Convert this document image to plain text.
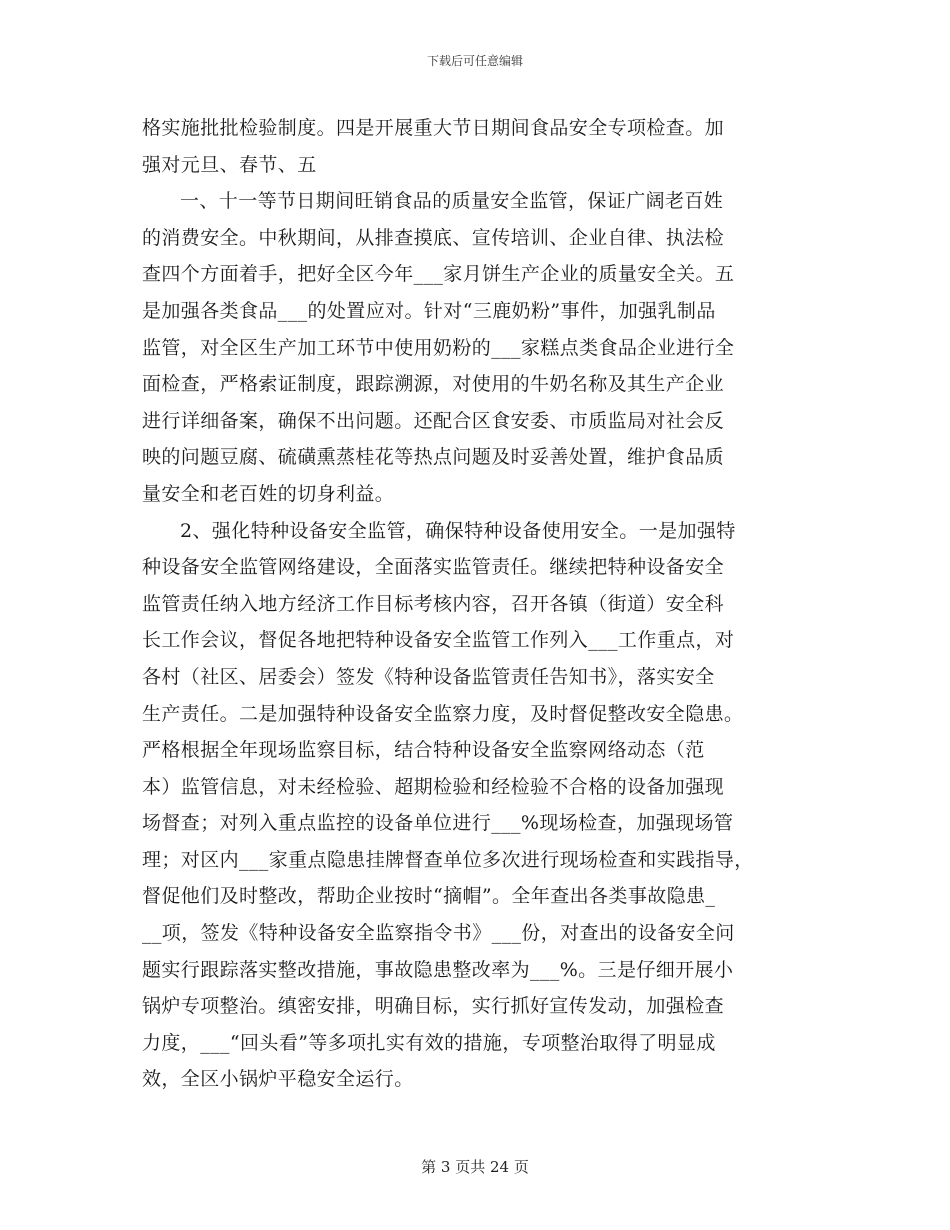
下载后可任意编辑
格实施批批检验制度。四是开展重大节日期间食品安全专项检查。加
强对元旦、春节、五
一、十一等节日期间旺销食品的质量安全监管，保证广阔老百姓
的消费安全。中秋期间，从排查摸底、宣传培训、企业自律、执法检
查四个方面着手，把好全区今年___家月饼生产企业的质量安全关。五
是加强各类食品___的处置应对。针对“三鹿奶粉”事件，加强乳制品
监管，对全区生产加工环节中使用奶粉的___家糕点类食品企业进行全
面检查，严格索证制度，跟踪溯源，对使用的牛奶名称及其生产企业
进行详细备案，确保不出问题。还配合区食安委、市质监局对社会反
映的问题豆腐、硫磺熏蒸桂花等热点问题及时妥善处置，维护食品质
量安全和老百姓的切身利益。
2、强化特种设备安全监管，确保特种设备使用安全。一是加强特
种设备安全监管网络建设，全面落实监管责任。继续把特种设备安全
监管责任纳入地方经济工作目标考核内容，召开各镇（街道）安全科
长工作会议，督促各地把特种设备安全监管工作列入___工作重点，对
各村（社区、居委会）签发《特种设备监管责任告知书》，落实安全
生产责任。二是加强特种设备安全监察力度，及时督促整改安全隐患。
严格根据全年现场监察目标，结合特种设备安全监察网络动态（范
本）监管信息，对未经检验、超期检验和经检验不合格的设备加强现
场督查；对列入重点监控的设备单位进行___%现场检查，加强现场管
理；对区内___家重点隐患挂牌督查单位多次进行现场检查和实践指导，
督促他们及时整改，帮助企业按时“摘帽”。全年查出各类事故隐患_
__项，签发《特种设备安全监察指令书》___份，对查出的设备安全问
题实行跟踪落实整改措施，事故隐患整改率为___%。三是仔细开展小
锅炉专项整治。缜密安排，明确目标，实行抓好宣传发动，加强检查
力度，___“回头看”等多项扎实有效的措施，专项整治取得了明显成
效，全区小锅炉平稳安全运行。
第 3 页共 24 页
